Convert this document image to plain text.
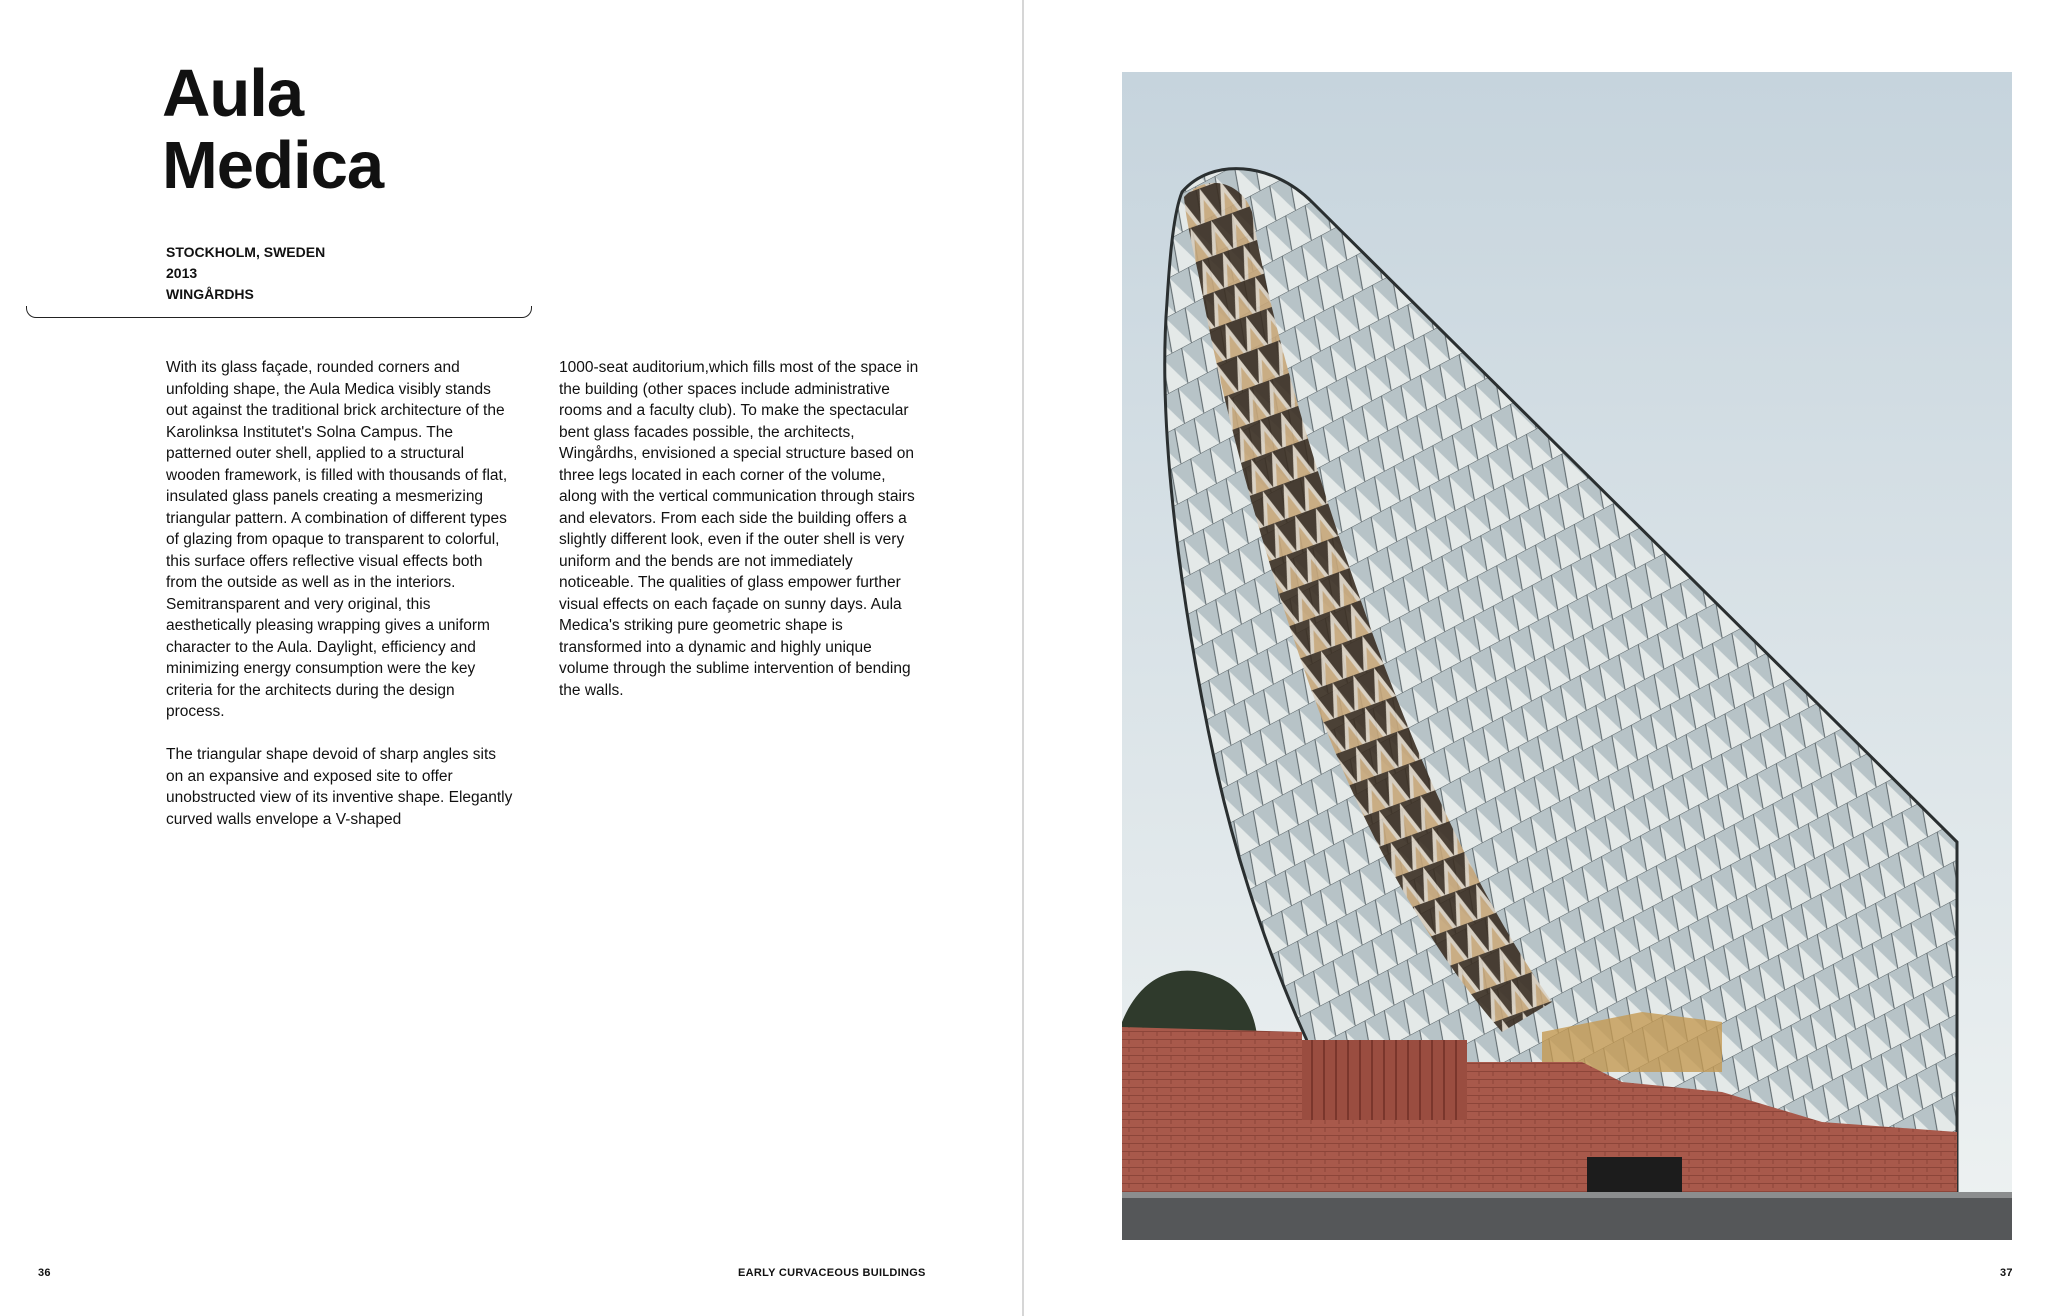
Aula
Medica
STOCKHOLM, SWEDEN
2013
WINGÅRDHS

With its glass façade, rounded corners and unfolding shape, the Aula Medica visibly stands out against the traditional brick architecture of the Karolinksa Institutet's Solna Campus. The patterned outer shell, applied to a structural wooden framework, is filled with thousands of flat, insulated glass panels creating a mesmerizing triangular pattern. A combination of different types of glazing from opaque to transparent to colorful, this surface offers reflective visual effects both from the outside as well as in the interiors. Semitransparent and very original, this aesthetically pleasing wrapping gives a uniform character to the Aula. Daylight, efficiency and minimizing energy consumption were the key criteria for the architects during the design process.

The triangular shape devoid of sharp angles sits on an expansive and exposed site to offer unobstructed view of its inventive shape. Elegantly curved walls envelope a V-shaped

1000-seat auditorium,which fills most of the space in the building (other spaces include administrative rooms and a faculty club). To make the spectacular bent glass facades possible, the architects, Wingårdhs, envisioned a special structure based on three legs located in each corner of the volume, along with the vertical communication through stairs and elevators. From each side the building offers a slightly different look, even if the outer shell is very uniform and the bends are not immediately noticeable. The qualities of glass empower further visual effects on each façade on sunny days. Aula Medica's striking pure geometric shape is transformed into a dynamic and highly unique volume through the sublime intervention of bending the walls.

36	EARLY CURVACEOUS BUILDINGS	37
